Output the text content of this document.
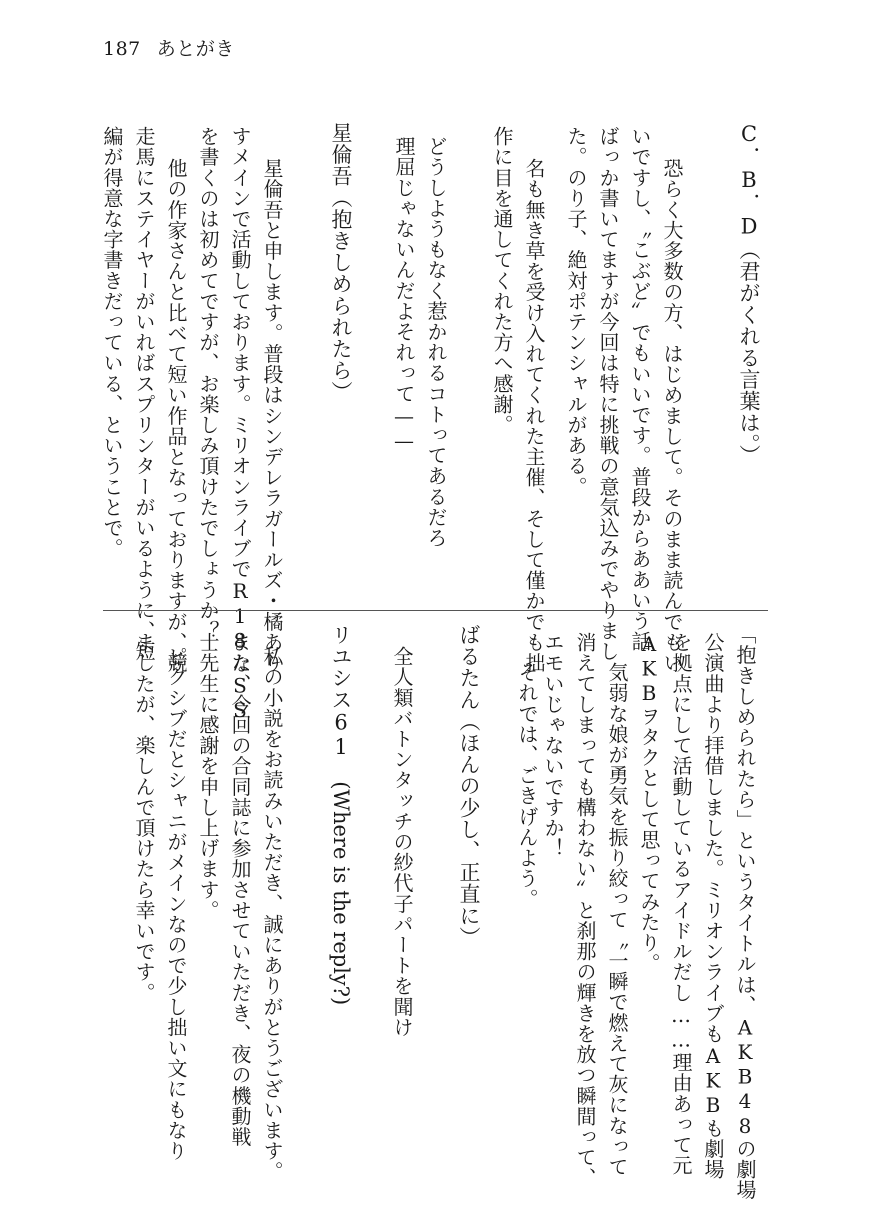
187 あとがき
C．B．D（君がくれる言葉は。）
恐らく大多数の方、はじめまして。そのまま読んでもい
いですし、〝こぶど〟でもいいです。普段からああいう話
ばっか書いてますが今回は特に挑戦の意気込みでやりまし
た。のり子、絶対ポテンシャルがある。
名も無き草を受け入れてくれた主催、そして僅かでも拙
作に目を通してくれた方へ感謝。
どうしようもなく惹かれるコトってあるだろ
理屈じゃないんだよそれって——
星倫吾（抱きしめられたら）
星倫吾と申します。普段はシンデレラガールズ・橘あり
すメインで活動しております。ミリオンライブでR18なSS
を書くのは初めてですが、お楽しみ頂けたでしょうか？
他の作家さんと比べて短い作品となっておりますが、競
走馬にステイヤーがいればスプリンターがいるように、短
編が得意な字書きだっている、ということで。
「抱きしめられたら」というタイトルは、AKB48の劇場
公演曲より拝借しました。ミリオンライブもAKBも劇場
を拠点にして活動しているアイドルだし……理由あって元
AKBヲタクとして思ってみたり。
気弱な娘が勇気を振り絞って〝一瞬で燃えて灰になって
消えてしまっても構わない〟と刹那の輝きを放つ瞬間って、
エモいじゃないですか！
それでは、ごきげんよう。
ばるたん（ほんの少し、正直に）
全人類バトンタッチの紗代子パートを聞け
リユシス61　(Where is the reply?)
私の小説をお読みいただき、誠にありがとうございます。
また、今回の合同誌に参加させていただき、夜の機動戦
士先生に感謝を申し上げます。
ピクシブだとシャニがメインなので少し拙い文にもなり
ましたが、楽しんで頂けたら幸いです。
